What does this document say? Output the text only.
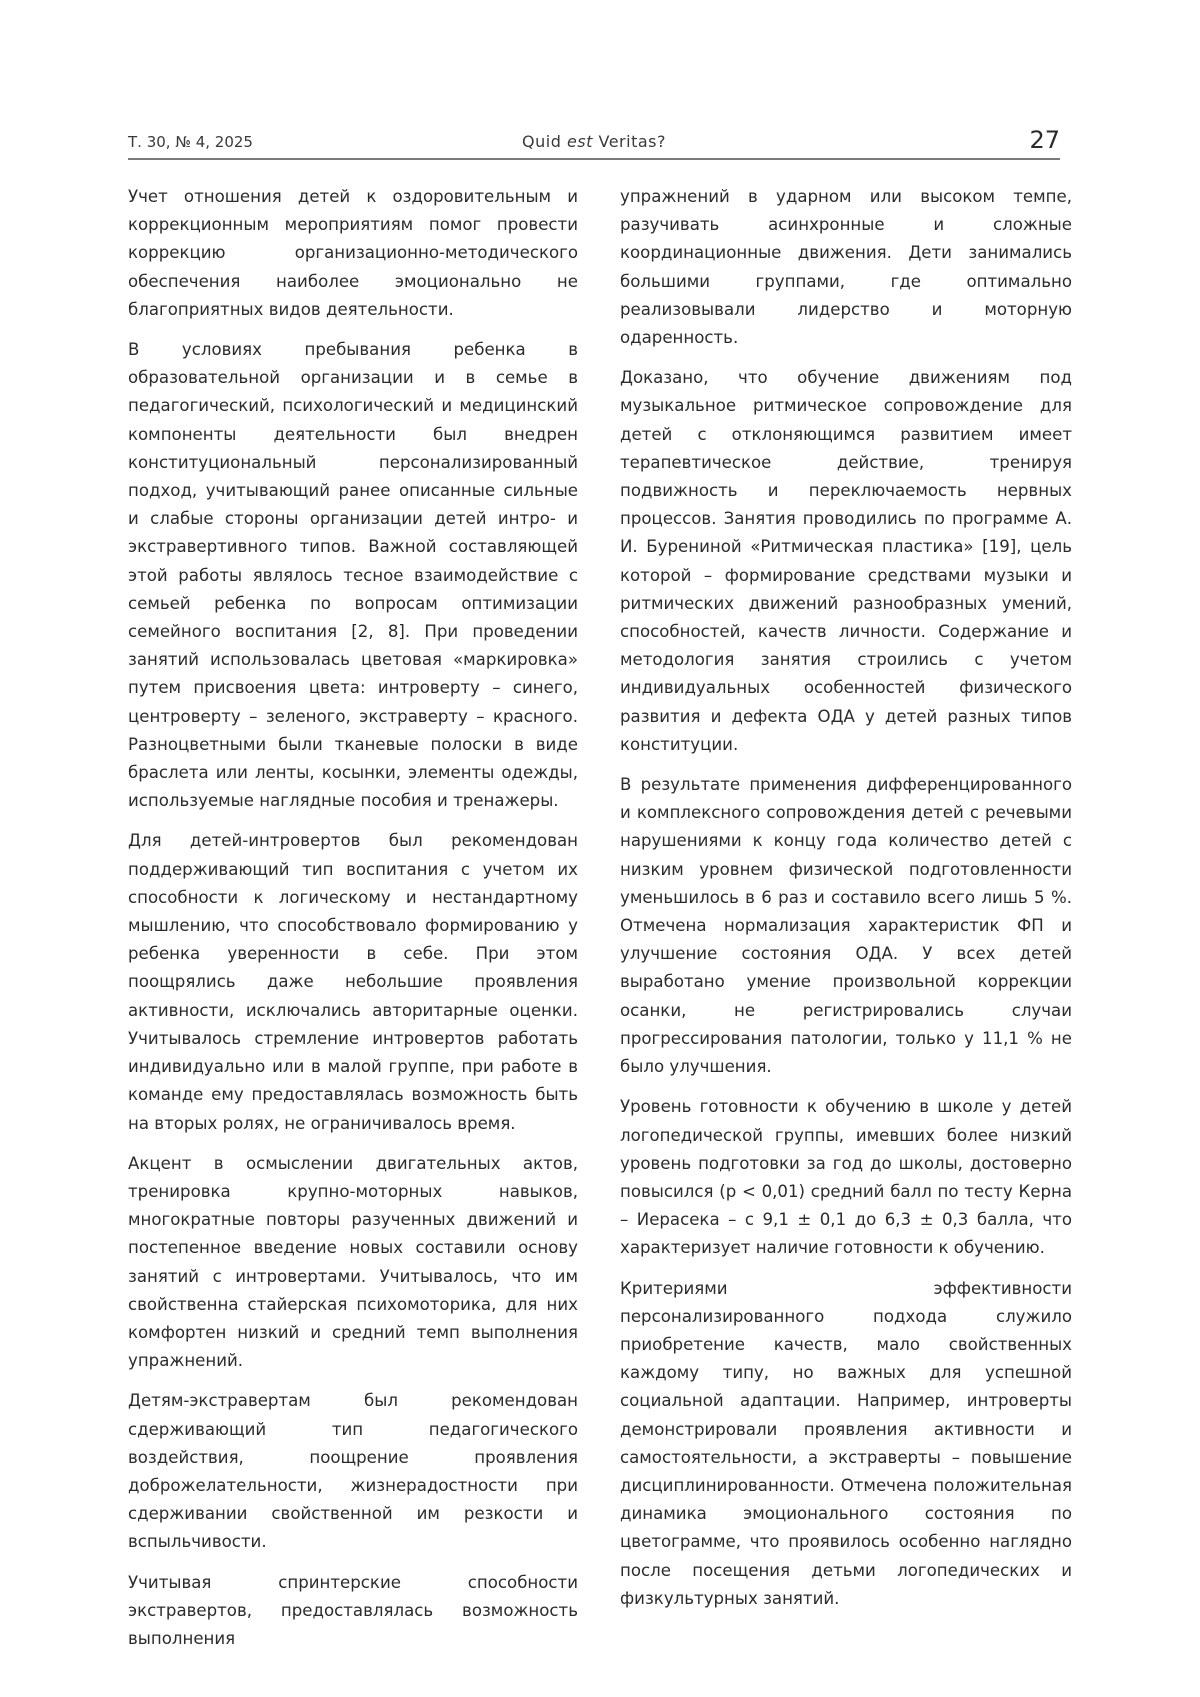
Т. 30, № 4, 2025	Quid est Veritas?	27

Учет отношения детей к оздоровительным и коррекционным мероприятиям помог провести коррекцию организационно-методического обеспечения наиболее эмоционально не благоприятных видов деятельности.

В условиях пребывания ребенка в образовательной организации и в семье в педагогический, психологический и медицинский компоненты деятельности был внедрен конституциональный персонализированный подход, учитывающий ранее описанные сильные и слабые стороны организации детей интро- и экстравертивного типов. Важной составляющей этой работы являлось тесное взаимодействие с семьей ребенка по вопросам оптимизации семейного воспитания [2, 8]. При проведении занятий использовалась цветовая «маркировка» путем присвоения цвета: интроверту – синего, центровертy – зеленого, экстраверту – красного. Разноцветными были тканевые полоски в виде браслета или ленты, косынки, элементы одежды, используемые наглядные пособия и тренажеры.

Для детей-интровертов был рекомендован поддерживающий тип воспитания с учетом их способности к логическому и нестандартному мышлению, что способствовало формированию у ребенка уверенности в себе. При этом поощрялись даже небольшие проявления активности, исключались авторитарные оценки. Учитывалось стремление интровертов работать индивидуально или в малой группе, при работе в команде ему предоставлялась возможность быть на вторых ролях, не ограничивалось время.

Акцент в осмыслении двигательных актов, тренировка крупно-моторных навыков, многократные повторы разученных движений и постепенное введение новых составили основу занятий с интровертами. Учитывалось, что им свойственна стайерская психомоторика, для них комфортен низкий и средний темп выполнения упражнений.

Детям-экстравертам был рекомендован сдерживающий тип педагогического воздействия, поощрение проявления доброжелательности, жизнерадостности при сдерживании свойственной им резкости и вспыльчивости.

Учитывая спринтерские способности экстравертов, предоставлялась возможность выполнения

упражнений в ударном или высоком темпе, разучивать асинхронные и сложные координационные движения. Дети занимались большими группами, где оптимально реализовывали лидерство и моторную одаренность.

Доказано, что обучение движениям под музыкальное ритмическое сопровождение для детей с отклоняющимся развитием имеет терапевтическое действие, тренируя подвижность и переключаемость нервных процессов. Занятия проводились по программе А. И. Бурениной «Ритмическая пластика» [19], цель которой – формирование средствами музыки и ритмических движений разнообразных умений, способностей, качеств личности. Содержание и методология занятия строились с учетом индивидуальных особенностей физического развития и дефекта ОДА у детей разных типов конституции.

В результате применения дифференцированного и комплексного сопровождения детей с речевыми нарушениями к концу года количество детей с низким уровнем физической подготовленности уменьшилось в 6 раз и составило всего лишь 5 %. Отмечена нормализация характеристик ФП и улучшение состояния ОДА. У всех детей выработано умение произвольной коррекции осанки, не регистрировались случаи прогрессирования патологии, только у 11,1 % не было улучшения.

Уровень готовности к обучению в школе у детей логопедической группы, имевших более низкий уровень подготовки за год до школы, достоверно повысился (p < 0,01) средний балл по тесту Керна – Иерасека – с 9,1 ± 0,1 до 6,3 ± 0,3 балла, что характеризует наличие готовности к обучению.

Критериями эффективности персонализированного подхода служило приобретение качеств, мало свойственных каждому типу, но важных для успешной социальной адаптации. Например, интроверты демонстрировали проявления активности и самостоятельности, а экстраверты – повышение дисциплинированности. Отмечена положительная динамика эмоционального состояния по цветограмме, что проявилось особенно наглядно после посещения детьми логопедических и физкультурных занятий.
